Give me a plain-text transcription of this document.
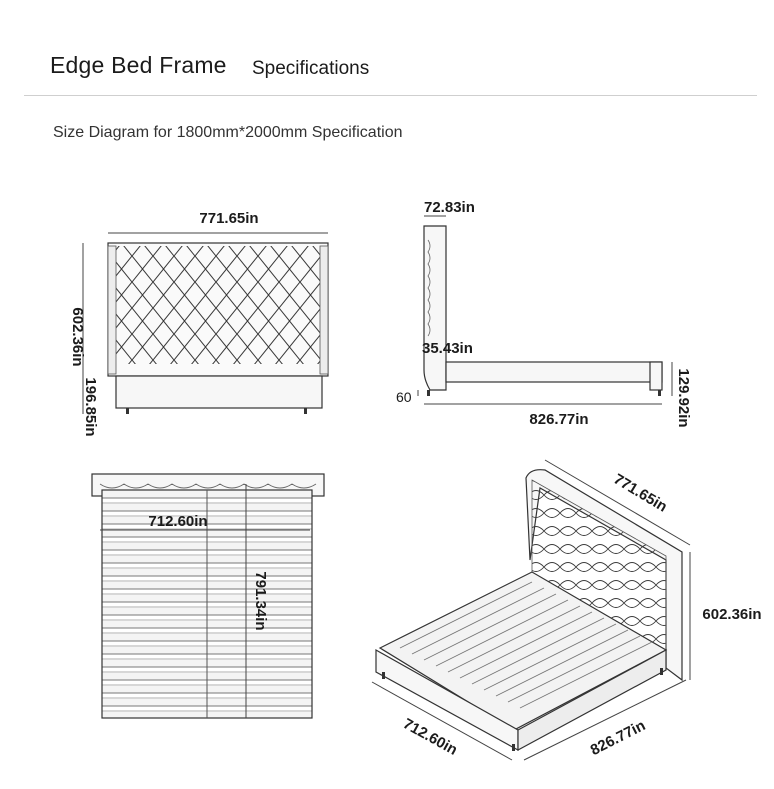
Edge Bed Frame Specifications
Size Diagram for 1800mm*2000mm Specification
771.65in
602.36in
196.85in
72.83in
35.43in
60
826.77in	129.92in
712.60in
791.34in
771.65in
602.36in
826.77in
712.60in
